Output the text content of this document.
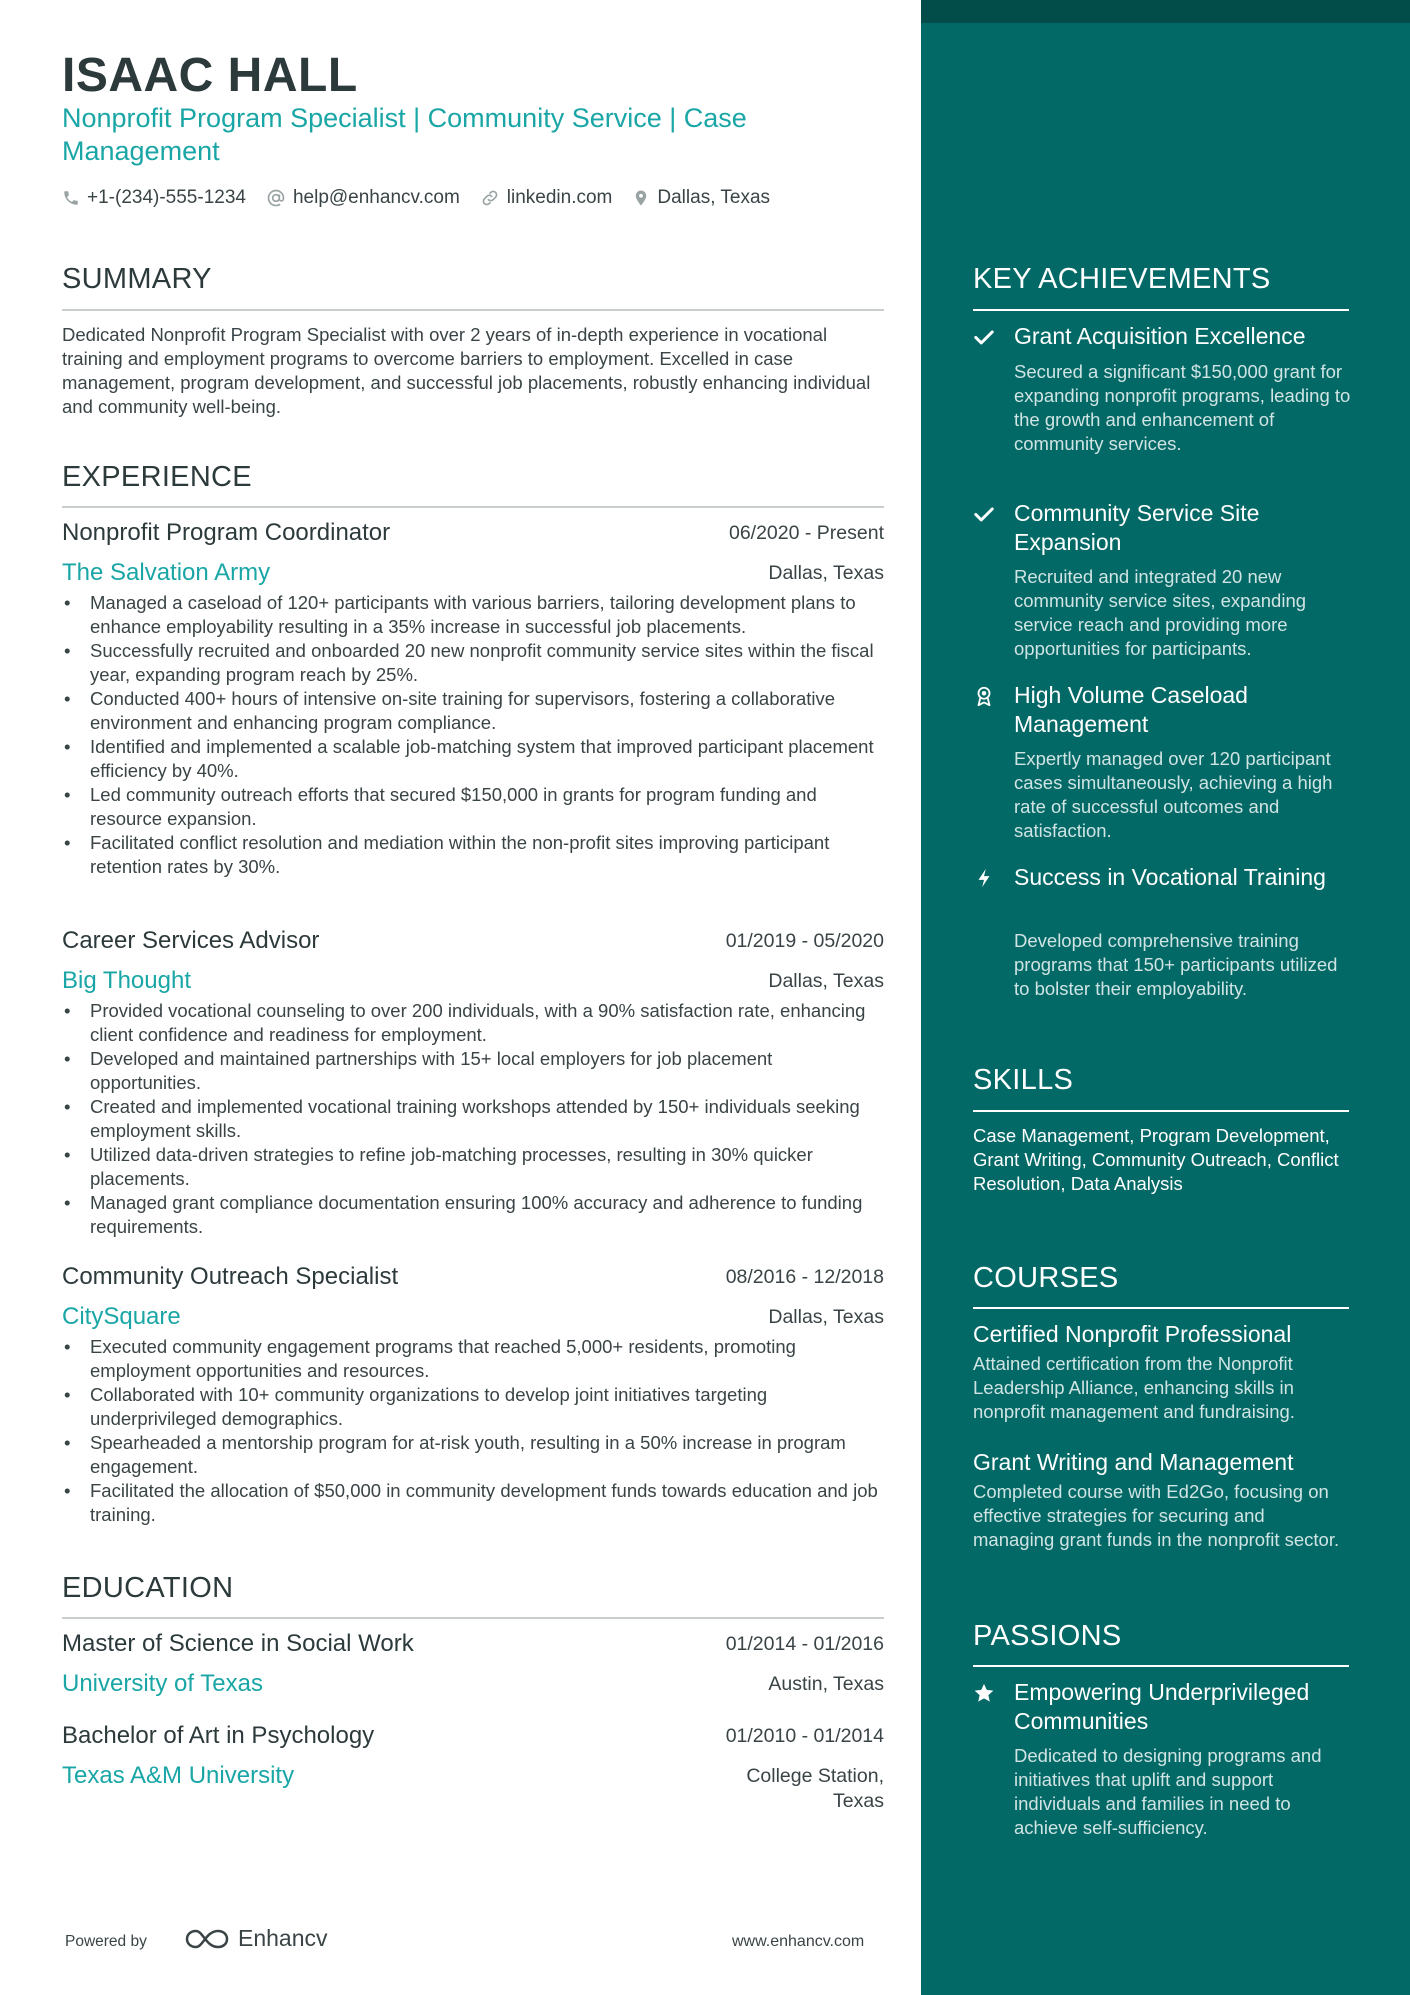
ISAAC HALL
Nonprofit Program Specialist | Community Service | Case Management
+1-(234)-555-1234 help@enhancv.com linkedin.com Dallas, Texas
SUMMARY
Dedicated Nonprofit Program Specialist with over 2 years of in-depth experience in vocational training and employment programs to overcome barriers to employment. Excelled in case management, program development, and successful job placements, robustly enhancing individual and community well-being.
EXPERIENCE
Nonprofit Program Coordinator	06/2020 - Present
The Salvation Army	Dallas, Texas
• Managed a caseload of 120+ participants with various barriers, tailoring development plans to enhance employability resulting in a 35% increase in successful job placements.
• Successfully recruited and onboarded 20 new nonprofit community service sites within the fiscal year, expanding program reach by 25%.
• Conducted 400+ hours of intensive on-site training for supervisors, fostering a collaborative environment and enhancing program compliance.
• Identified and implemented a scalable job-matching system that improved participant placement efficiency by 40%.
• Led community outreach efforts that secured $150,000 in grants for program funding and resource expansion.
• Facilitated conflict resolution and mediation within the non-profit sites improving participant retention rates by 30%.
Career Services Advisor	01/2019 - 05/2020
Big Thought	Dallas, Texas
• Provided vocational counseling to over 200 individuals, with a 90% satisfaction rate, enhancing client confidence and readiness for employment.
• Developed and maintained partnerships with 15+ local employers for job placement opportunities.
• Created and implemented vocational training workshops attended by 150+ individuals seeking employment skills.
• Utilized data-driven strategies to refine job-matching processes, resulting in 30% quicker placements.
• Managed grant compliance documentation ensuring 100% accuracy and adherence to funding requirements.
Community Outreach Specialist	08/2016 - 12/2018
CitySquare	Dallas, Texas
• Executed community engagement programs that reached 5,000+ residents, promoting employment opportunities and resources.
• Collaborated with 10+ community organizations to develop joint initiatives targeting underprivileged demographics.
• Spearheaded a mentorship program for at-risk youth, resulting in a 50% increase in program engagement.
• Facilitated the allocation of $50,000 in community development funds towards education and job training.
EDUCATION
Master of Science in Social Work	01/2014 - 01/2016
University of Texas	Austin, Texas
Bachelor of Art in Psychology	01/2010 - 01/2014
Texas A&M University	College Station,
Texas
Powered by	Enhancv	www.enhancv.com
KEY ACHIEVEMENTS
Grant Acquisition Excellence
Secured a significant $150,000 grant for expanding nonprofit programs, leading to the growth and enhancement of community services.
Community Service Site Expansion
Recruited and integrated 20 new community service sites, expanding service reach and providing more opportunities for participants.
High Volume Caseload Management
Expertly managed over 120 participant cases simultaneously, achieving a high rate of successful outcomes and satisfaction.
Success in Vocational Training
Developed comprehensive training programs that 150+ participants utilized to bolster their employability.
SKILLS
Case Management, Program Development, Grant Writing, Community Outreach, Conflict Resolution, Data Analysis
COURSES
Certified Nonprofit Professional
Attained certification from the Nonprofit Leadership Alliance, enhancing skills in nonprofit management and fundraising.
Grant Writing and Management
Completed course with Ed2Go, focusing on effective strategies for securing and managing grant funds in the nonprofit sector.
PASSIONS
Empowering Underprivileged Communities
Dedicated to designing programs and initiatives that uplift and support individuals and families in need to achieve self-sufficiency.
